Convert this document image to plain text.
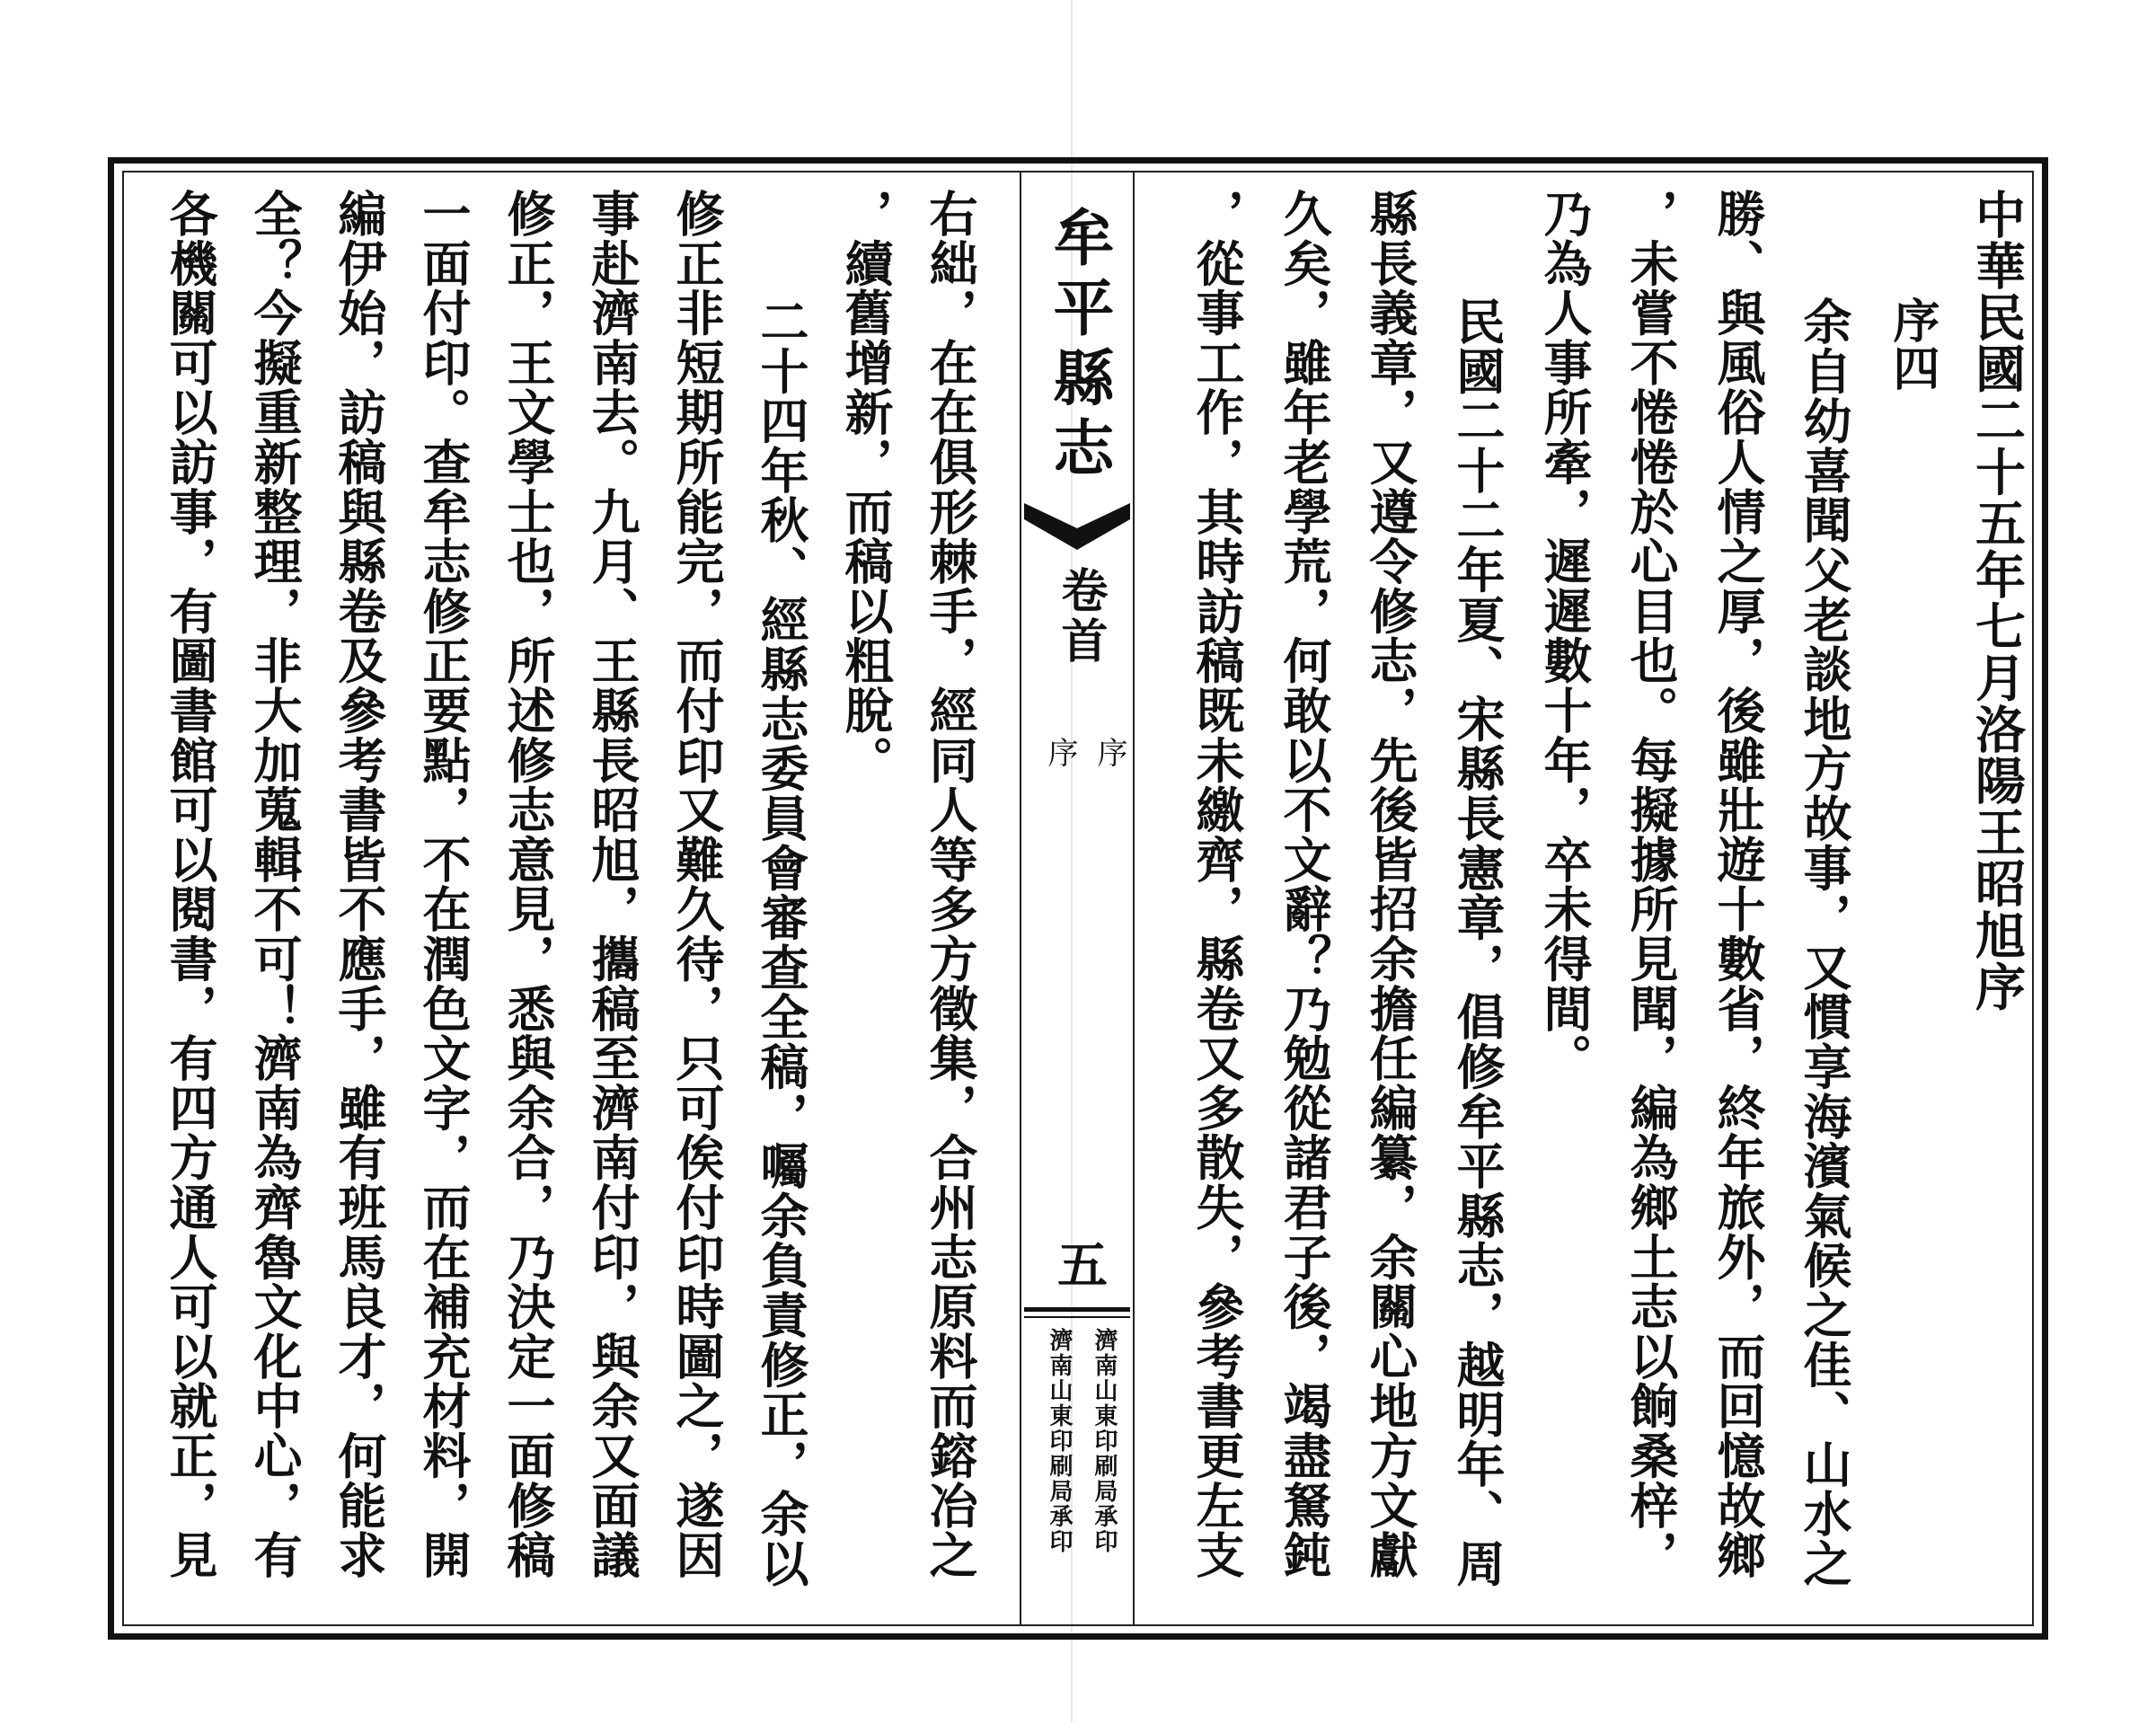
中華民國二十五年七月洛陽王昭旭序
序四
余自幼喜聞父老談地方故事，又慣享海濱氣候之佳、山水之
勝、與風俗人情之厚，後雖壯遊十數省，終年旅外，而回憶故鄉
，未嘗不惓惓於心目也。每擬據所見聞，編為鄉土志以餉桑梓，
乃為人事所牽，遲遲數十年，卒未得間。
民國二十二年夏、宋縣長憲章，倡修牟平縣志，越明年、周
縣長義章，又遵令修志，先後皆招余擔任編纂，余關心地方文獻
久矣，雖年老學荒，何敢以不文辭？乃勉從諸君子後，竭盡駑鈍
，從事工作，其時訪稿既未繳齊，縣卷又多散失，參考書更左支
牟平縣志
卷首
序
序
五
濟南山東印刷局承印
濟南山東印刷局承印
右絀，在在俱形棘手，經同人等多方徵集，合州志原料而鎔冶之
，續舊增新，而稿以粗脫。
二十四年秋、經縣志委員會審查全稿，囑余負責修正，余以
修正非短期所能完，而付印又難久待，只可俟付印時圖之，遂因
事赴濟南去。九月、王縣長昭旭，攜稿至濟南付印，與余又面議
修正，王文學士也，所述修志意見，悉與余合，乃決定一面修稿
一面付印。查牟志修正要點，不在潤色文字，而在補充材料，開
編伊始，訪稿與縣卷及參考書皆不應手，雖有班馬良才，何能求
全？今擬重新整理，非大加蒐輯不可！濟南為齊魯文化中心，有
各機關可以訪事，有圖書館可以閱書，有四方通人可以就正，見
